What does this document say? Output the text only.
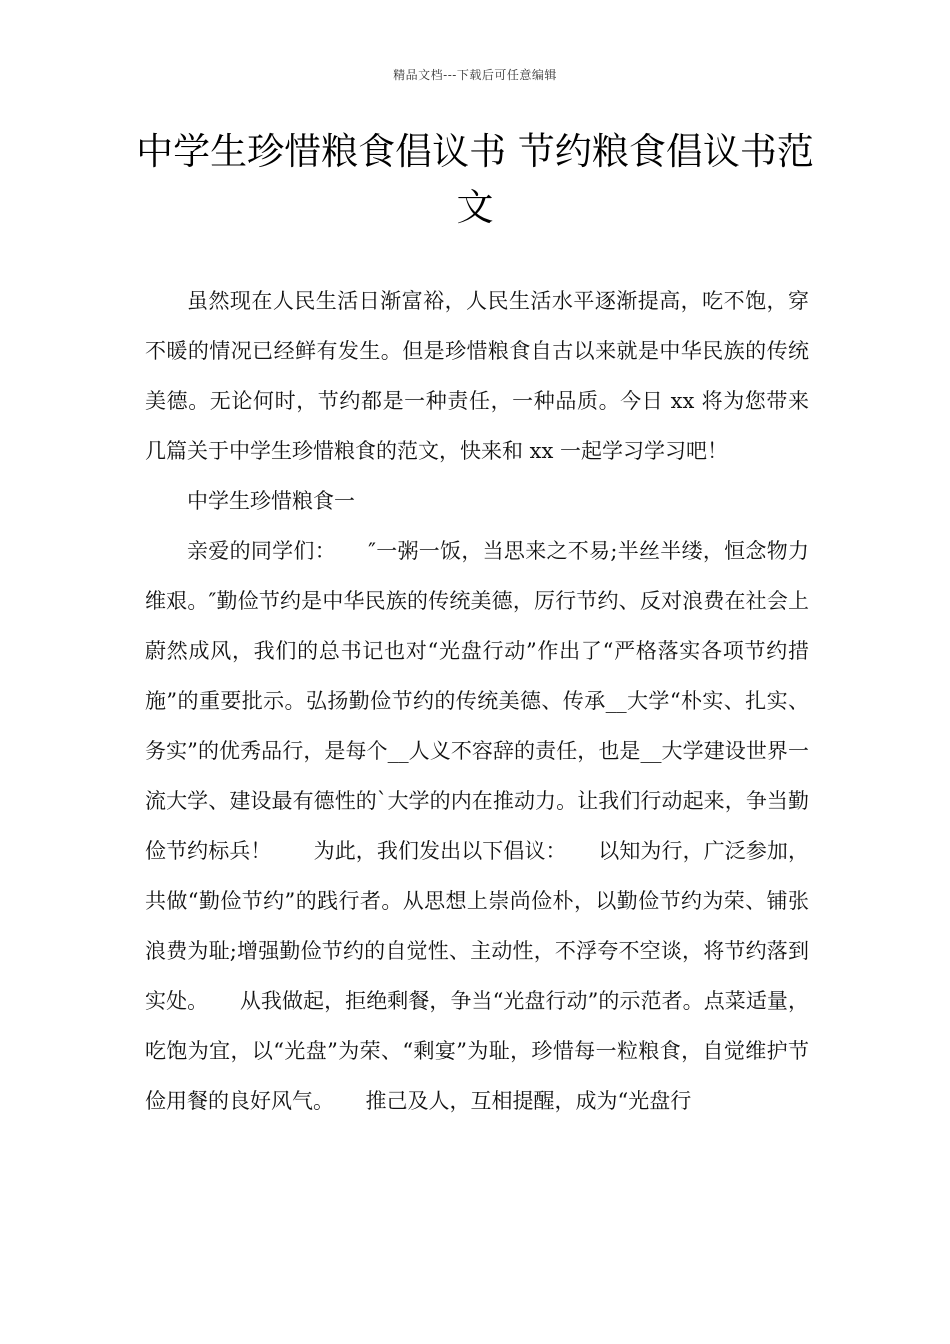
精品文档---下载后可任意编辑
中学生珍惜粮食倡议书 节约粮食倡议书范文

虽然现在人民生活日渐富裕，人民生活水平逐渐提高，吃不饱，穿不暖的情况已经鲜有发生。但是珍惜粮食自古以来就是中华民族的传统美德。无论何时，节约都是一种责任，一种品质。今日 xx 将为您带来几篇关于中学生珍惜粮食的范文，快来和 xx 一起学习学习吧！

中学生珍惜粮食一

亲爱的同学们：　　″一粥一饭，当思来之不易;半丝半缕，恒念物力维艰。″勤俭节约是中华民族的传统美德，厉行节约、反对浪费在社会上蔚然成风，我们的总书记也对“光盘行动”作出了“严格落实各项节约措施”的重要批示。弘扬勤俭节约的传统美德、传承__大学“朴实、扎实、务实”的优秀品行，是每个__人义不容辞的责任，也是__大学建设世界一流大学、建设最有德性的`大学的内在推动力。让我们行动起来，争当勤俭节约标兵！　　为此，我们发出以下倡议：　　以知为行，广泛参加，共做“勤俭节约”的践行者。从思想上崇尚俭朴，以勤俭节约为荣、铺张浪费为耻;增强勤俭节约的自觉性、主动性，不浮夸不空谈，将节约落到实处。　　从我做起，拒绝剩餐，争当“光盘行动”的示范者。点菜适量，吃饱为宜，以“光盘”为荣、“剩宴”为耻，珍惜每一粒粮食，自觉维护节俭用餐的良好风气。　　推己及人，互相提醒，成为“光盘行
